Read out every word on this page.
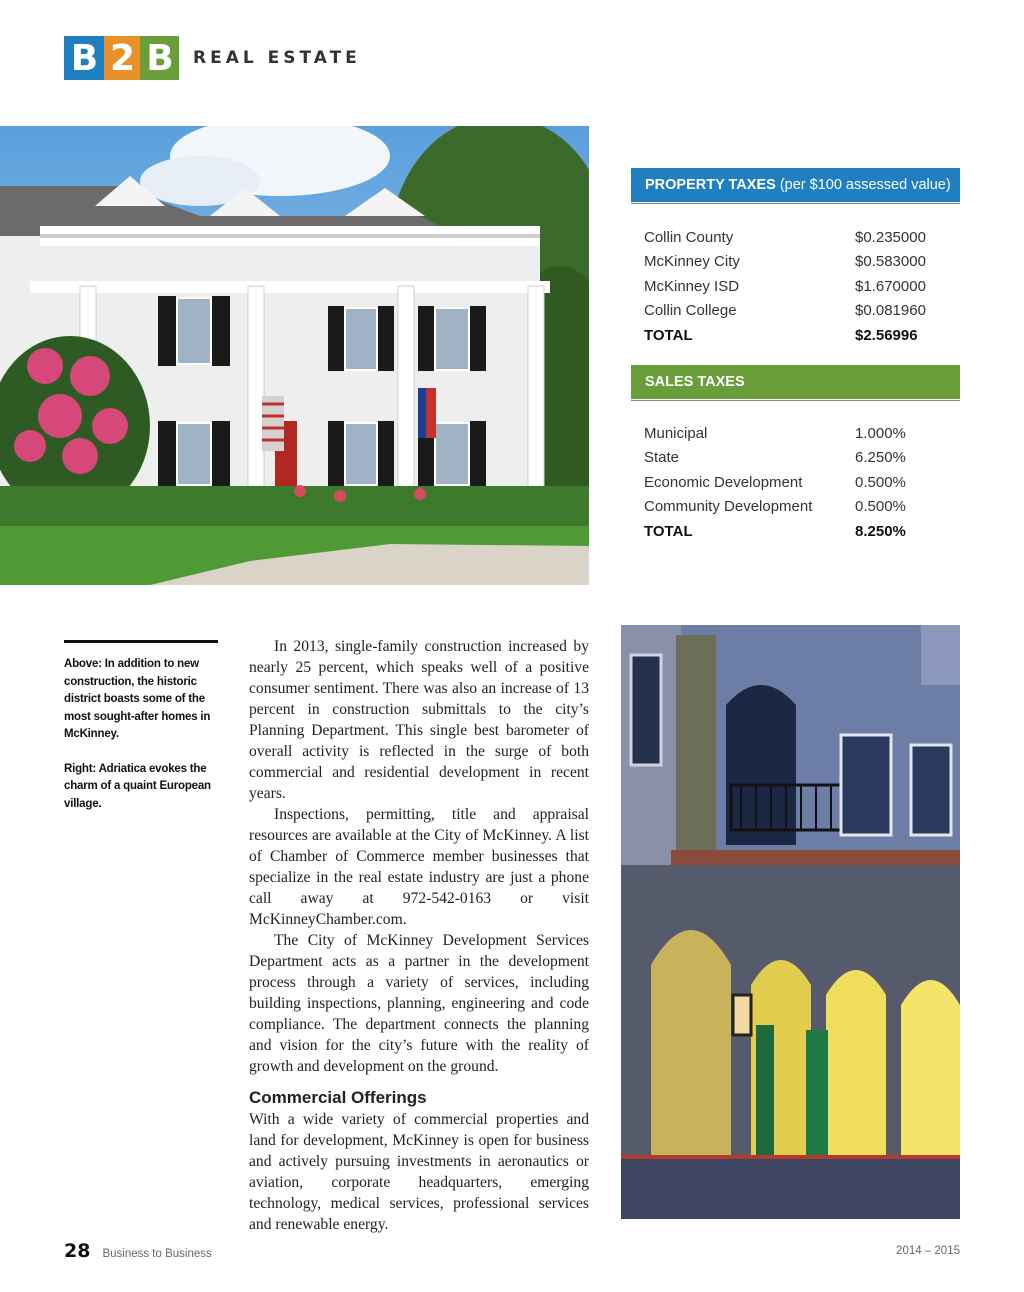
B 2 B	REAL ESTATE
PROPERTY TAXES (per $100 assessed value)
Collin County	$0.235000
McKinney City	$0.583000
McKinney ISD	$1.670000
Collin College	$0.081960
TOTAL	$2.56996
SALES TAXES
Municipal	1.000%
State	6.250%
Economic Development	0.500%
Community Development	0.500%
TOTAL	8.250%

Above: In addition to new construction, the historic district boasts some of the most sought-after homes in McKinney.

Right: Adriatica evokes the charm of a quaint European village.

In 2013, single-family construction increased by nearly 25 percent, which speaks well of a positive consumer sentiment. There was also an increase of 13 percent in construction submittals to the city’s Planning Department. This single best barometer of overall activity is reflected in the surge of both commercial and residential development in recent years.

Inspections, permitting, title and appraisal resources are available at the City of McKinney. A list of Chamber of Commerce member businesses that specialize in the real estate industry are just a phone call away at 972-542-0163 or visit McKinneyChamber.com.

The City of McKinney Development Services Department acts as a partner in the development process through a variety of services, including building inspections, planning, engineering and code compliance. The department connects the planning and vision for the city’s future with the reality of growth and development on the ground.

Commercial Offerings

With a wide variety of commercial properties and land for development, McKinney is open for business and actively pursuing investments in aeronautics or aviation, corporate headquarters, emerging technology, medical services, professional services and renewable energy.

28 Business to Business	2014 – 2015
